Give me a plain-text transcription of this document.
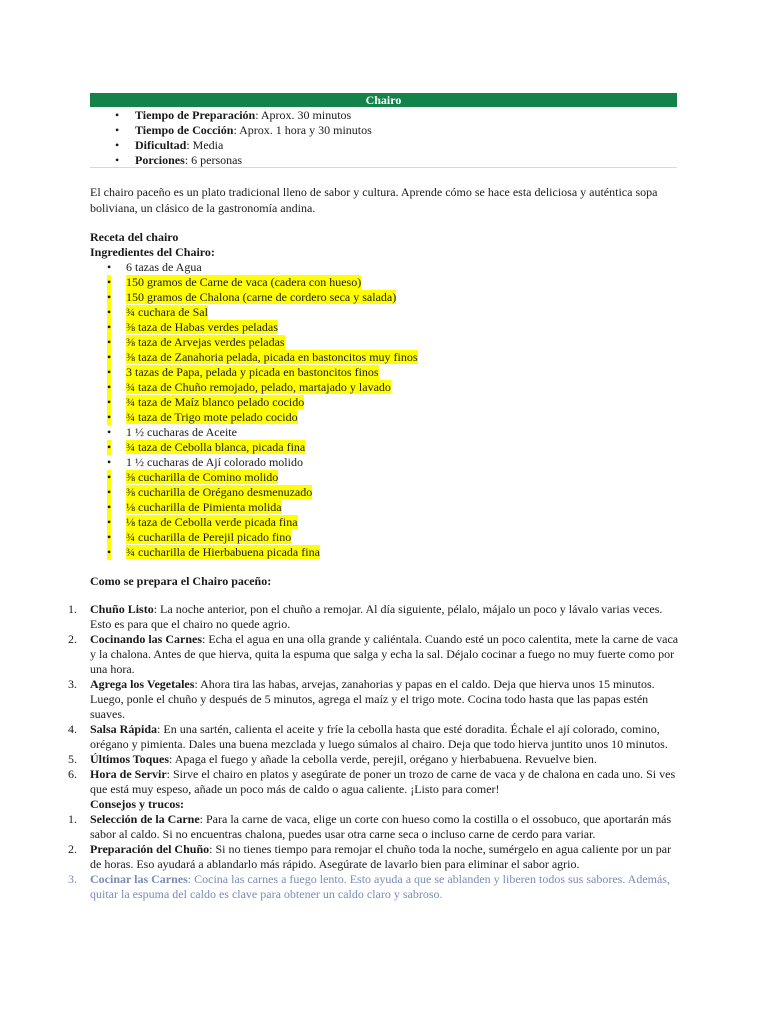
Chairo
• Tiempo de Preparación: Aprox. 30 minutos
• Tiempo de Cocción: Aprox. 1 hora y 30 minutos
• Dificultad: Media
• Porciones: 6 personas

El chairo paceño es un plato tradicional lleno de sabor y cultura. Aprende cómo se hace esta deliciosa y auténtica sopa boliviana, un clásico de la gastronomía andina.

Receta del chairo
Ingredientes del Chairo:
• 6 tazas de Agua
• 150 gramos de Carne de vaca (cadera con hueso)
• 150 gramos de Chalona (carne de cordero seca y salada)
• ¾ cuchara de Sal
• ⅜ taza de Habas verdes peladas
• ⅜ taza de Arvejas verdes peladas
• ⅜ taza de Zanahoria pelada, picada en bastoncitos muy finos
• 3 tazas de Papa, pelada y picada en bastoncitos finos
• ¾ taza de Chuño remojado, pelado, martajado y lavado
• ¾ taza de Maíz blanco pelado cocido
• ¾ taza de Trigo mote pelado cocido
• 1 ½ cucharas de Aceite
• ¾ taza de Cebolla blanca, picada fina
• 1 ½ cucharas de Ají colorado molido
• ⅜ cucharilla de Comino molido
• ⅜ cucharilla de Orégano desmenuzado
• ⅛ cucharilla de Pimienta molida
• ⅛ taza de Cebolla verde picada fina
• ¾ cucharilla de Perejil picado fino
• ¾ cucharilla de Hierbabuena picada fina
Como se prepara el Chairo paceño:
1. Chuño Listo: La noche anterior, pon el chuño a remojar. Al día siguiente, pélalo, májalo un poco y lávalo varias veces. Esto es para que el chairo no quede agrio.
2. Cocinando las Carnes: Echa el agua en una olla grande y caliéntala. Cuando esté un poco calentita, mete la carne de vaca y la chalona. Antes de que hierva, quita la espuma que salga y echa la sal. Déjalo cocinar a fuego no muy fuerte como por una hora.
3. Agrega los Vegetales: Ahora tira las habas, arvejas, zanahorias y papas en el caldo. Deja que hierva unos 15 minutos. Luego, ponle el chuño y después de 5 minutos, agrega el maíz y el trigo mote. Cocina todo hasta que las papas estén suaves.
4. Salsa Rápida: En una sartén, calienta el aceite y fríe la cebolla hasta que esté doradita. Échale el ají colorado, comino, orégano y pimienta. Dales una buena mezclada y luego súmalos al chairo. Deja que todo hierva juntito unos 10 minutos.
5. Últimos Toques: Apaga el fuego y añade la cebolla verde, perejil, orégano y hierbabuena. Revuelve bien.
6. Hora de Servir: Sirve el chairo en platos y asegúrate de poner un trozo de carne de vaca y de chalona en cada uno. Si ves que está muy espeso, añade un poco más de caldo o agua caliente. ¡Listo para comer!
Consejos y trucos:
1. Selección de la Carne: Para la carne de vaca, elige un corte con hueso como la costilla o el ossobuco, que aportarán más sabor al caldo. Si no encuentras chalona, puedes usar otra carne seca o incluso carne de cerdo para variar.
2. Preparación del Chuño: Si no tienes tiempo para remojar el chuño toda la noche, sumérgelo en agua caliente por un par de horas. Eso ayudará a ablandarlo más rápido. Asegúrate de lavarlo bien para eliminar el sabor agrio.
3. Cocinar las Carnes: Cocina las carnes a fuego lento. Esto ayuda a que se ablanden y liberen todos sus sabores. Además, quitar la espuma del caldo es clave para obtener un caldo claro y sabroso.
